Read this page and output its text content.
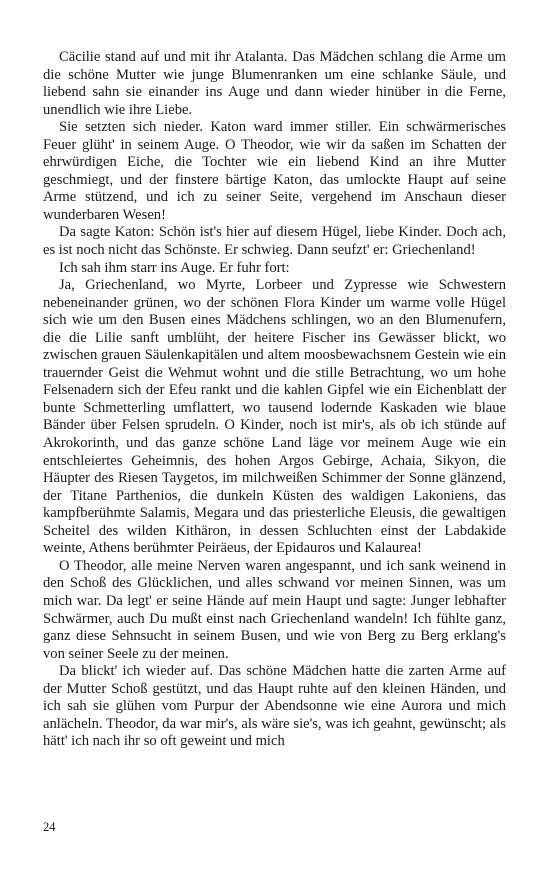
Cäcilie stand auf und mit ihr Atalanta. Das Mädchen schlang die Arme um die schöne Mutter wie junge Blumenranken um eine schlanke Säule, und liebend sahn sie einander ins Auge und dann wieder hinüber in die Ferne, unendlich wie ihre Liebe.

Sie setzten sich nieder. Katon ward immer stiller. Ein schwärmerisches Feuer glüht' in seinem Auge. O Theodor, wie wir da saßen im Schatten der ehrwürdigen Eiche, die Tochter wie ein liebend Kind an ihre Mutter geschmiegt, und der finstere bärtige Katon, das umlockte Haupt auf seine Arme stützend, und ich zu seiner Seite, vergehend im Anschaun dieser wunderbaren Wesen!

Da sagte Katon: Schön ist's hier auf diesem Hügel, liebe Kinder. Doch ach, es ist noch nicht das Schönste. Er schwieg. Dann seufzt' er: Griechenland!

Ich sah ihm starr ins Auge. Er fuhr fort:

Ja, Griechenland, wo Myrte, Lorbeer und Zypresse wie Schwestern nebeneinander grünen, wo der schönen Flora Kinder um warme volle Hügel sich wie um den Busen eines Mädchens schlingen, wo an den Blumenufern, die die Lilie sanft umblüht, der heitere Fischer ins Gewässer blickt, wo zwischen grauen Säulenkapitälen und altem moosbewachsnem Gestein wie ein trauernder Geist die Wehmut wohnt und die stille Betrachtung, wo um hohe Felsenadern sich der Efeu rankt und die kahlen Gipfel wie ein Eichenblatt der bunte Schmetterling umflattert, wo tausend lodernde Kaskaden wie blaue Bänder über Felsen sprudeln. O Kinder, noch ist mir's, als ob ich stünde auf Akrokorinth, und das ganze schöne Land läge vor meinem Auge wie ein entschleiertes Geheimnis, des hohen Argos Gebirge, Achaia, Sikyon, die Häupter des Riesen Taygetos, im milchweißen Schimmer der Sonne glänzend, der Titane Parthenios, die dunkeln Küsten des waldigen Lakoniens, das kampfberühmte Salamis, Megara und das priesterliche Eleusis, die gewaltigen Scheitel des wilden Kithäron, in dessen Schluchten einst der Labdakide weinte, Athens berühmter Peiräeus, der Epidauros und Kalaurea!

O Theodor, alle meine Nerven waren angespannt, und ich sank weinend in den Schoß des Glücklichen, und alles schwand vor meinen Sinnen, was um mich war. Da legt' er seine Hände auf mein Haupt und sagte: Junger lebhafter Schwärmer, auch Du mußt einst nach Griechenland wandeln! Ich fühlte ganz, ganz diese Sehnsucht in seinem Busen, und wie von Berg zu Berg erklang's von seiner Seele zu der meinen.

Da blickt' ich wieder auf. Das schöne Mädchen hatte die zarten Arme auf der Mutter Schoß gestützt, und das Haupt ruhte auf den kleinen Händen, und ich sah sie glühen vom Purpur der Abendsonne wie eine Aurora und mich anlächeln. Theodor, da war mir's, als wäre sie's, was ich geahnt, gewünscht; als hätt' ich nach ihr so oft geweint und mich

24
